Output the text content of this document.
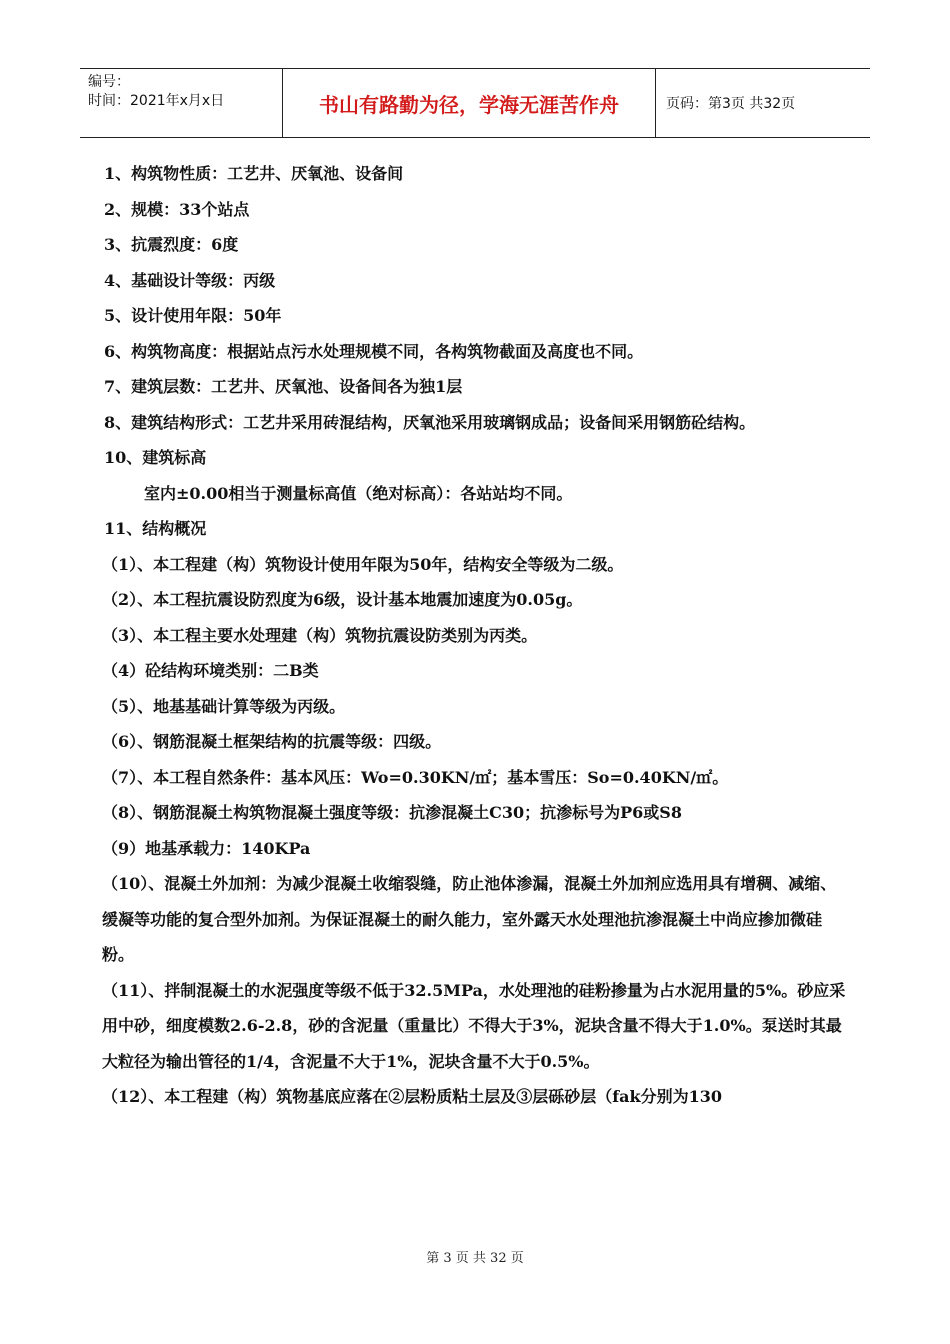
编号：
时间：2021年x月x日	书山有路勤为径，学海无涯苦作舟	页码：第3页 共32页

1、构筑物性质：工艺井、厌氧池、设备间

2、规模：33个站点

3、抗震烈度：6度

4、基础设计等级：丙级

5、设计使用年限：50年

6、构筑物高度：根据站点污水处理规模不同，各构筑物截面及高度也不同。

7、建筑层数：工艺井、厌氧池、设备间各为独1层

8、建筑结构形式：工艺井采用砖混结构，厌氧池采用玻璃钢成品；设备间采用钢筋砼结构。

10、建筑标高

室内±0.00相当于测量标高值（绝对标高）：各站站均不同。

11、结构概况

（1）、本工程建（构）筑物设计使用年限为50年，结构安全等级为二级。

（2）、本工程抗震设防烈度为6级，设计基本地震加速度为0.05g。

（3）、本工程主要水处理建（构）筑物抗震设防类别为丙类。

（4）砼结构环境类别：二B类

（5）、地基基础计算等级为丙级。

（6）、钢筋混凝土框架结构的抗震等级：四级。

（7）、本工程自然条件：基本风压：Wo=0.30KN/㎡；基本雪压：So=0.40KN/㎡。

（8）、钢筋混凝土构筑物混凝土强度等级：抗渗混凝土C30；抗渗标号为P6或S8

（9）地基承载力：140KPa

（10）、混凝土外加剂：为减少混凝土收缩裂缝，防止池体渗漏，混凝土外加剂应选用具有增稠、减缩、缓凝等功能的复合型外加剂。为保证混凝土的耐久能力，室外露天水处理池抗渗混凝土中尚应掺加微硅粉。

（11）、拌制混凝土的水泥强度等级不低于32.5MPa，水处理池的硅粉掺量为占水泥用量的5%。砂应采用中砂，细度模数2.6-2.8，砂的含泥量（重量比）不得大于3%，泥块含量不得大于1.0%。泵送时其最大粒径为输出管径的1/4，含泥量不大于1%，泥块含量不大于0.5%。

（12）、本工程建（构）筑物基底应落在②层粉质粘土层及③层砾砂层（fak分别为130

第 3 页 共 32 页
